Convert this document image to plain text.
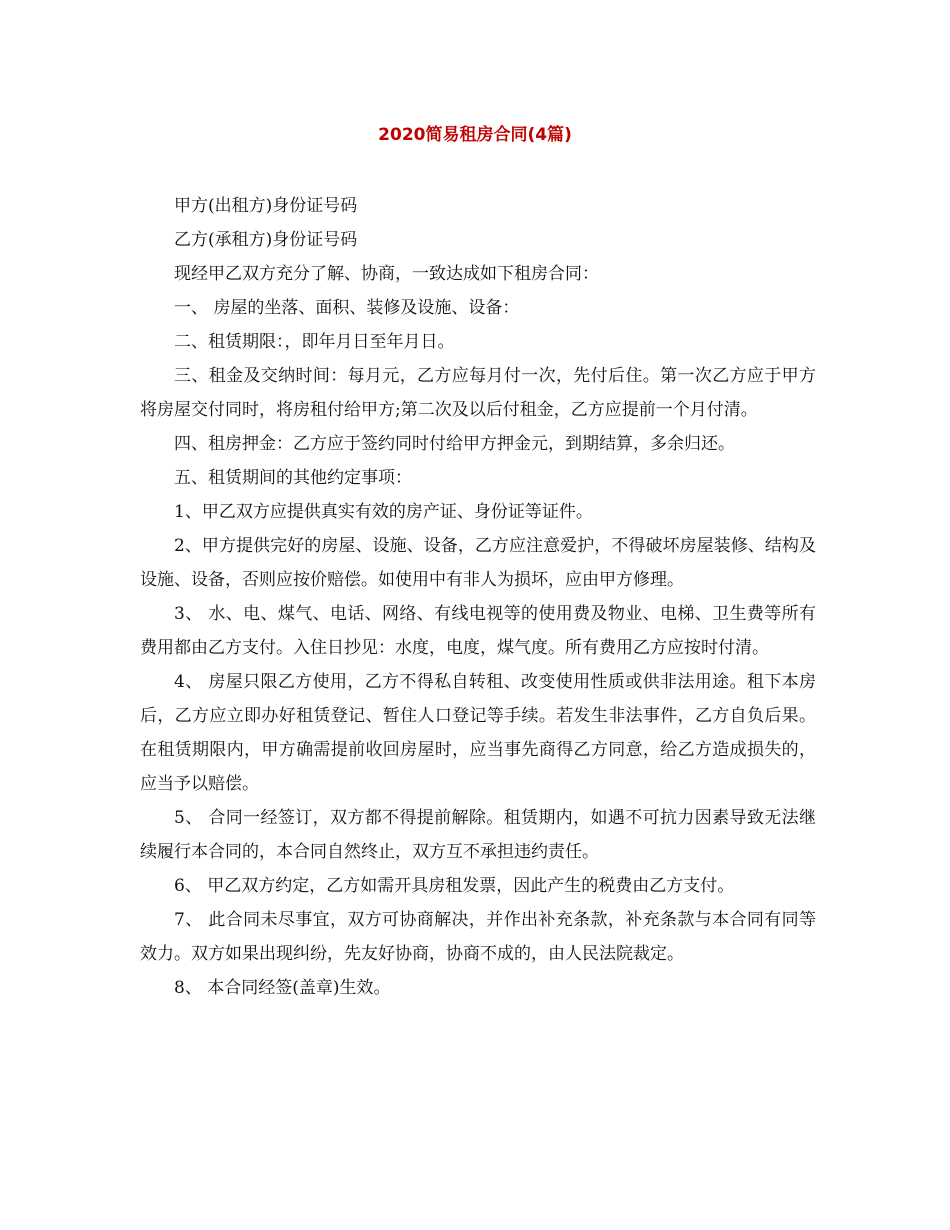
2020简易租房合同(4篇)

甲方(出租方)身份证号码

乙方(承租方)身份证号码

现经甲乙双方充分了解、协商，一致达成如下租房合同：

一、 房屋的坐落、面积、装修及设施、设备：

二、租赁期限：，即年月日至年月日。

三、租金及交纳时间：每月元，乙方应每月付一次，先付后住。第一次乙方应于甲方将房屋交付同时，将房租付给甲方;第二次及以后付租金，乙方应提前一个月付清。

四、租房押金：乙方应于签约同时付给甲方押金元，到期结算，多余归还。

五、租赁期间的其他约定事项：

1、甲乙双方应提供真实有效的房产证、身份证等证件。

2、甲方提供完好的房屋、设施、设备，乙方应注意爱护，不得破坏房屋装修、结构及设施、设备，否则应按价赔偿。如使用中有非人为损坏，应由甲方修理。

3、 水、电、煤气、电话、网络、有线电视等的使用费及物业、电梯、卫生费等所有费用都由乙方支付。入住日抄见：水度，电度，煤气度。所有费用乙方应按时付清。

4、 房屋只限乙方使用，乙方不得私自转租、改变使用性质或供非法用途。租下本房后，乙方应立即办好租赁登记、暂住人口登记等手续。若发生非法事件，乙方自负后果。在租赁期限内，甲方确需提前收回房屋时，应当事先商得乙方同意，给乙方造成损失的，应当予以赔偿。

5、 合同一经签订，双方都不得提前解除。租赁期内，如遇不可抗力因素导致无法继续履行本合同的，本合同自然终止，双方互不承担违约责任。

6、 甲乙双方约定，乙方如需开具房租发票，因此产生的税费由乙方支付。

7、 此合同未尽事宜，双方可协商解决，并作出补充条款，补充条款与本合同有同等效力。双方如果出现纠纷，先友好协商，协商不成的，由人民法院裁定。

8、 本合同经签(盖章)生效。
